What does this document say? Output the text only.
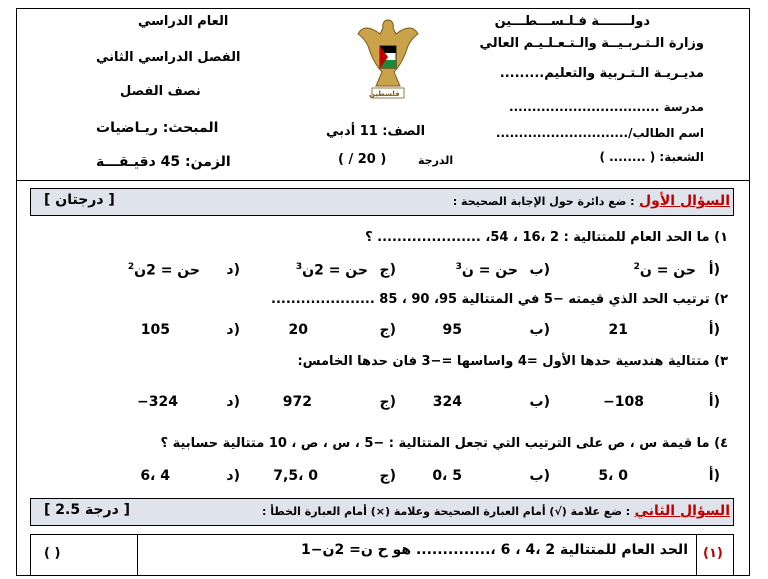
دولـــــــة فـلـســـطـــين
وزارة الـتـربـيــة والـتـعـلـيـم العالي
مديـريـة الـتـربية والتعليم.........
مدرسة .................................
اسم الطالب/.............................
الشعبة: ( ........ )
العام الدراسي
الفصل الدراسي الثاني
نصف الفصل
المبحث: ريـاضيات
الزمن: 45 دقيـقـــة
فلسطين
الصف: 11 أدبي
الدرجة
( / 20 )
السؤال الأول : ضع دائرة حول الإجابة الصحيحة :
[ درجتان ]
١) ما الحد العام للمتتالية : 2 ،16 ، 54، ..................... ؟
أ)
حن = ن$^2$
ب)
حن = ن$^3$
ج)
حن = 2ن$^3$
د)
حن = 2ن$^2$
٢) ترتيب الحد الذي قيمته −5 في المتتالية 95، 90 ، 85 .....................
أ)
21
ب)
95
ج)
20
د)
105
٣) متتالية هندسية حدها الأول =4 واساسها =−3 فان حدها الخامس:
أ)
−108
ب)
324
ج)
972
د)
−324
٤) ما قيمة س ، ص على الترتيب التي تجعل المتتالية : −5 ، س ، ص ، 10 متتالية حسابية ؟
أ)
5، 0
ب)
0، 5
ج)
7,5، 0
د)
6، 4
السؤال الثاني : ضع علامة (√) أمام العبارة الصحيحة وعلامة (×) أمام العبارة الخطأ :
[ 2.5 درجة ]
(١)
الحد العام للمتتالية 2 ،4 ، 6 ،.............. هو ح ن= 2ن−1
( )
